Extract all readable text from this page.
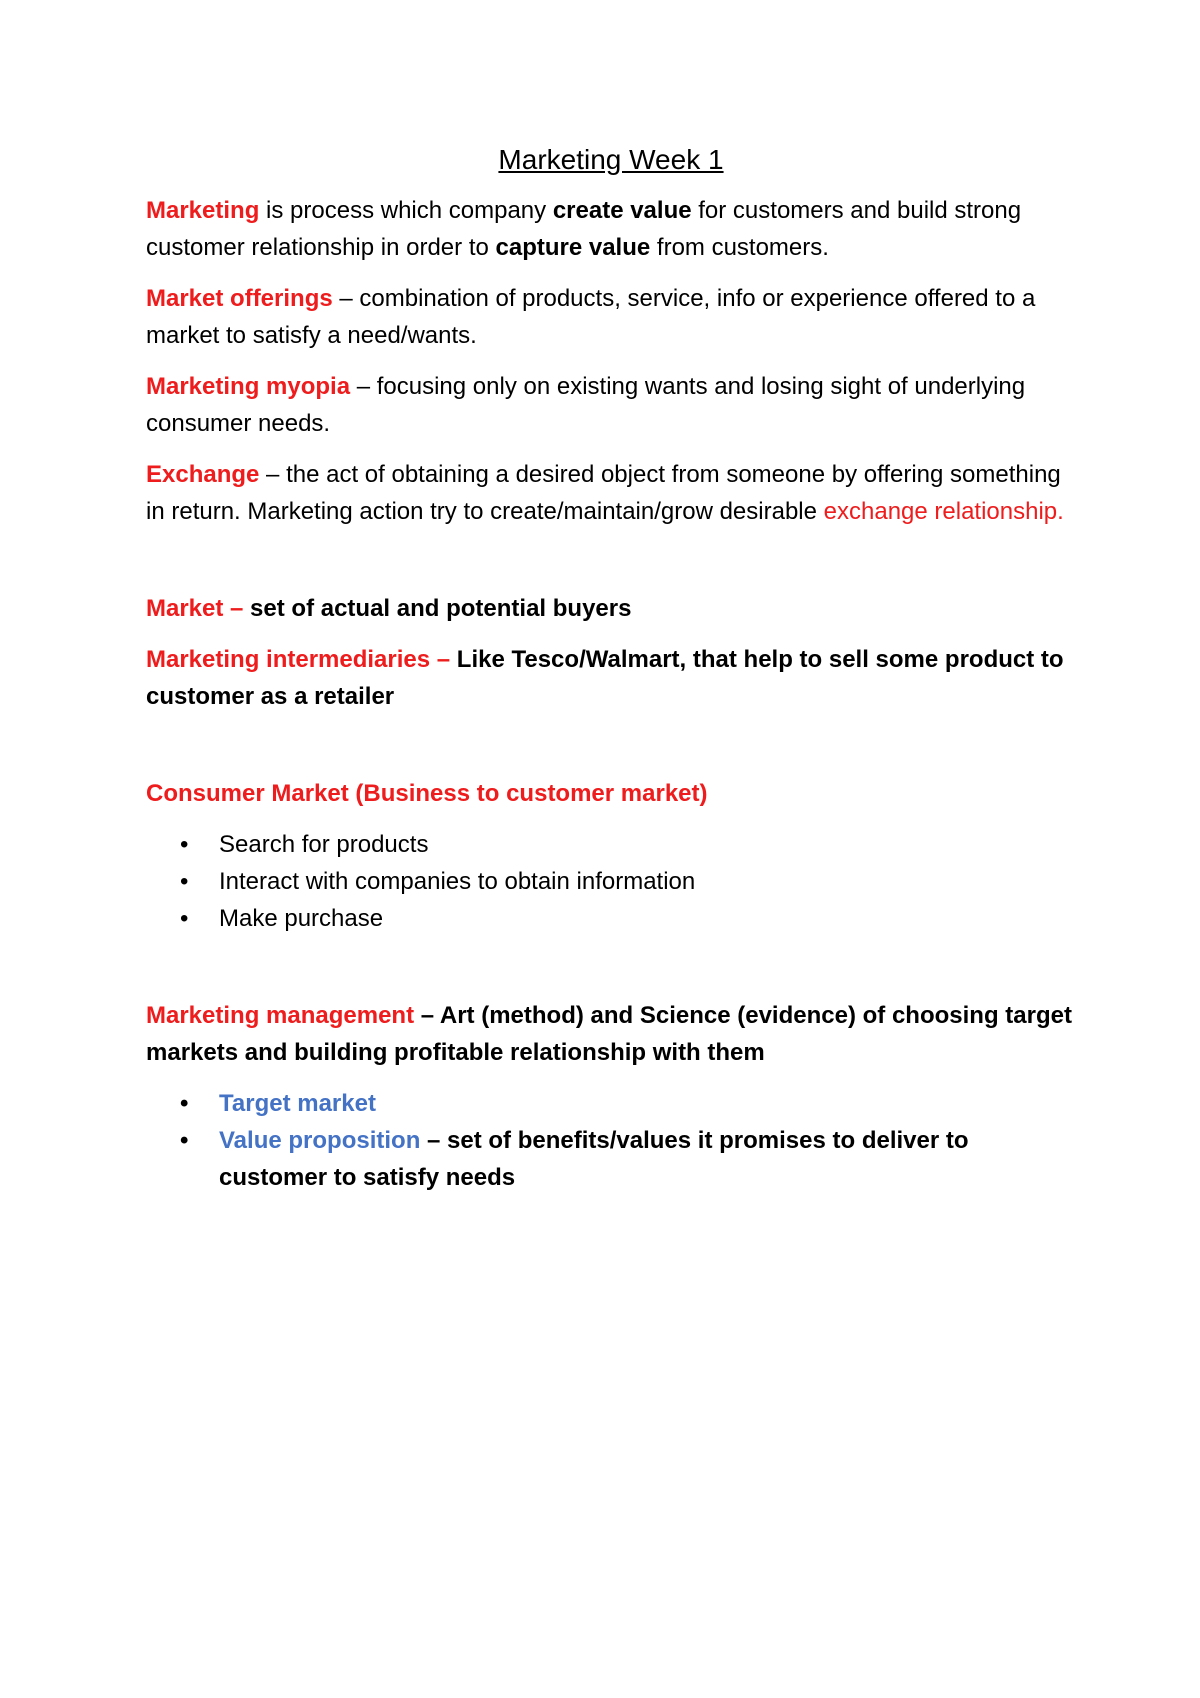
Marketing Week 1

Marketing is process which company create value for customers and build strong customer relationship in order to capture value from customers.

Market offerings – combination of products, service, info or experience offered to a market to satisfy a need/wants.

Marketing myopia – focusing only on existing wants and losing sight of underlying consumer needs.

Exchange – the act of obtaining a desired object from someone by offering something in return. Marketing action try to create/maintain/grow desirable exchange relationship.

Market – set of actual and potential buyers

Marketing intermediaries – Like Tesco/Walmart, that help to sell some product to customer as a retailer

Consumer Market (Business to customer market)

• Search for products
• Interact with companies to obtain information
• Make purchase

Marketing management – Art (method) and Science (evidence) of choosing target markets and building profitable relationship with them

• Target market
• Value proposition – set of benefits/values it promises to deliver to customer to satisfy needs
